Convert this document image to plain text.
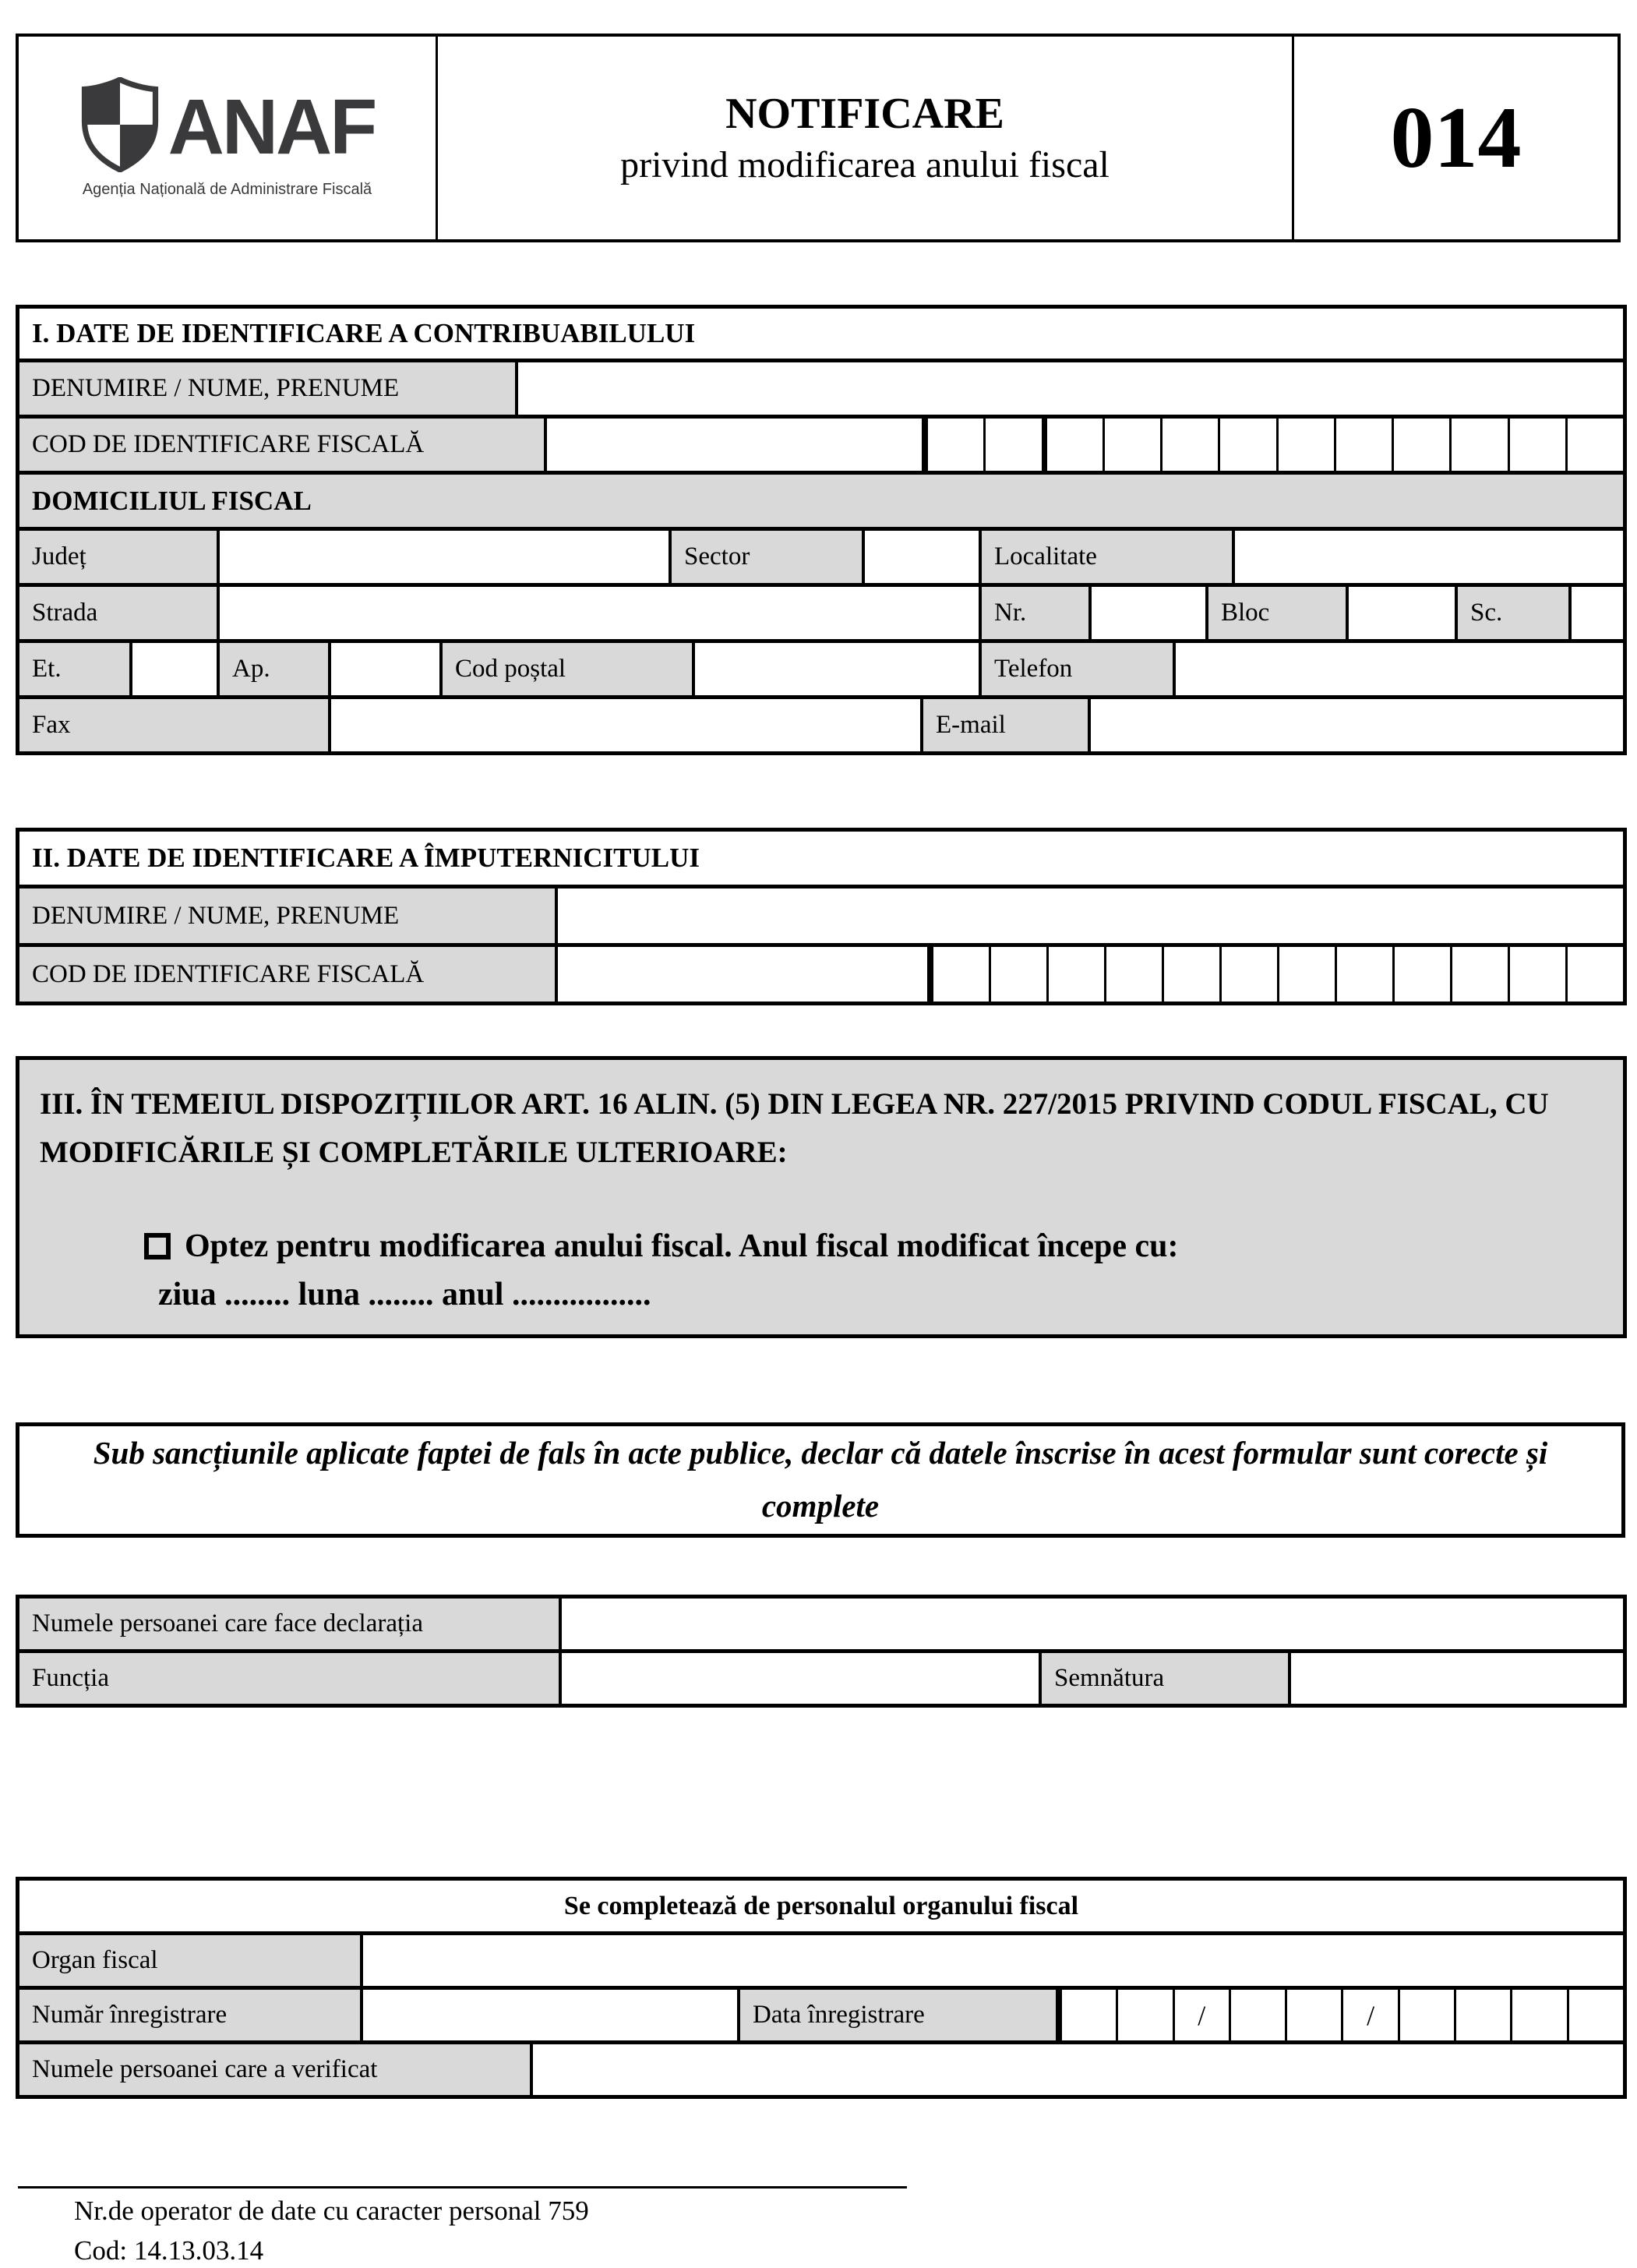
ANAF
Agenția Națională de Administrare Fiscală
NOTIFICARE
privind modificarea anului fiscal	014
I. DATE DE IDENTIFICARE A CONTRIBUABILULUI
DENUMIRE / NUME, PRENUME
COD DE IDENTIFICARE FISCALĂ
DOMICILIUL FISCAL
Județ	Sector	Localitate
Strada	Nr.	Bloc	Sc.
Et.	Ap.	Cod poștal	Telefon
Fax	E-mail
II. DATE DE IDENTIFICARE A ÎMPUTERNICITULUI
DENUMIRE / NUME, PRENUME
COD DE IDENTIFICARE FISCALĂ
III. ÎN TEMEIUL DISPOZIȚIILOR ART. 16 ALIN. (5) DIN LEGEA NR. 227/2015 PRIVIND CODUL FISCAL, CU MODIFICĂRILE ȘI COMPLETĂRILE ULTERIOARE:
Optez pentru modificarea anului fiscal. Anul fiscal modificat începe cu:
ziua ........ luna ........ anul .................
Sub sancțiunile aplicate faptei de fals în acte publice, declar că datele înscrise în acest formular sunt corecte și complete
Numele persoanei care face declarația
Funcția	Semnătura
Se completează de personalul organului fiscal
Organ fiscal
Număr înregistrare	Data înregistrare	/	/
Numele persoanei care a verificat
Nr.de operator de date cu caracter personal 759
Cod: 14.13.03.14
